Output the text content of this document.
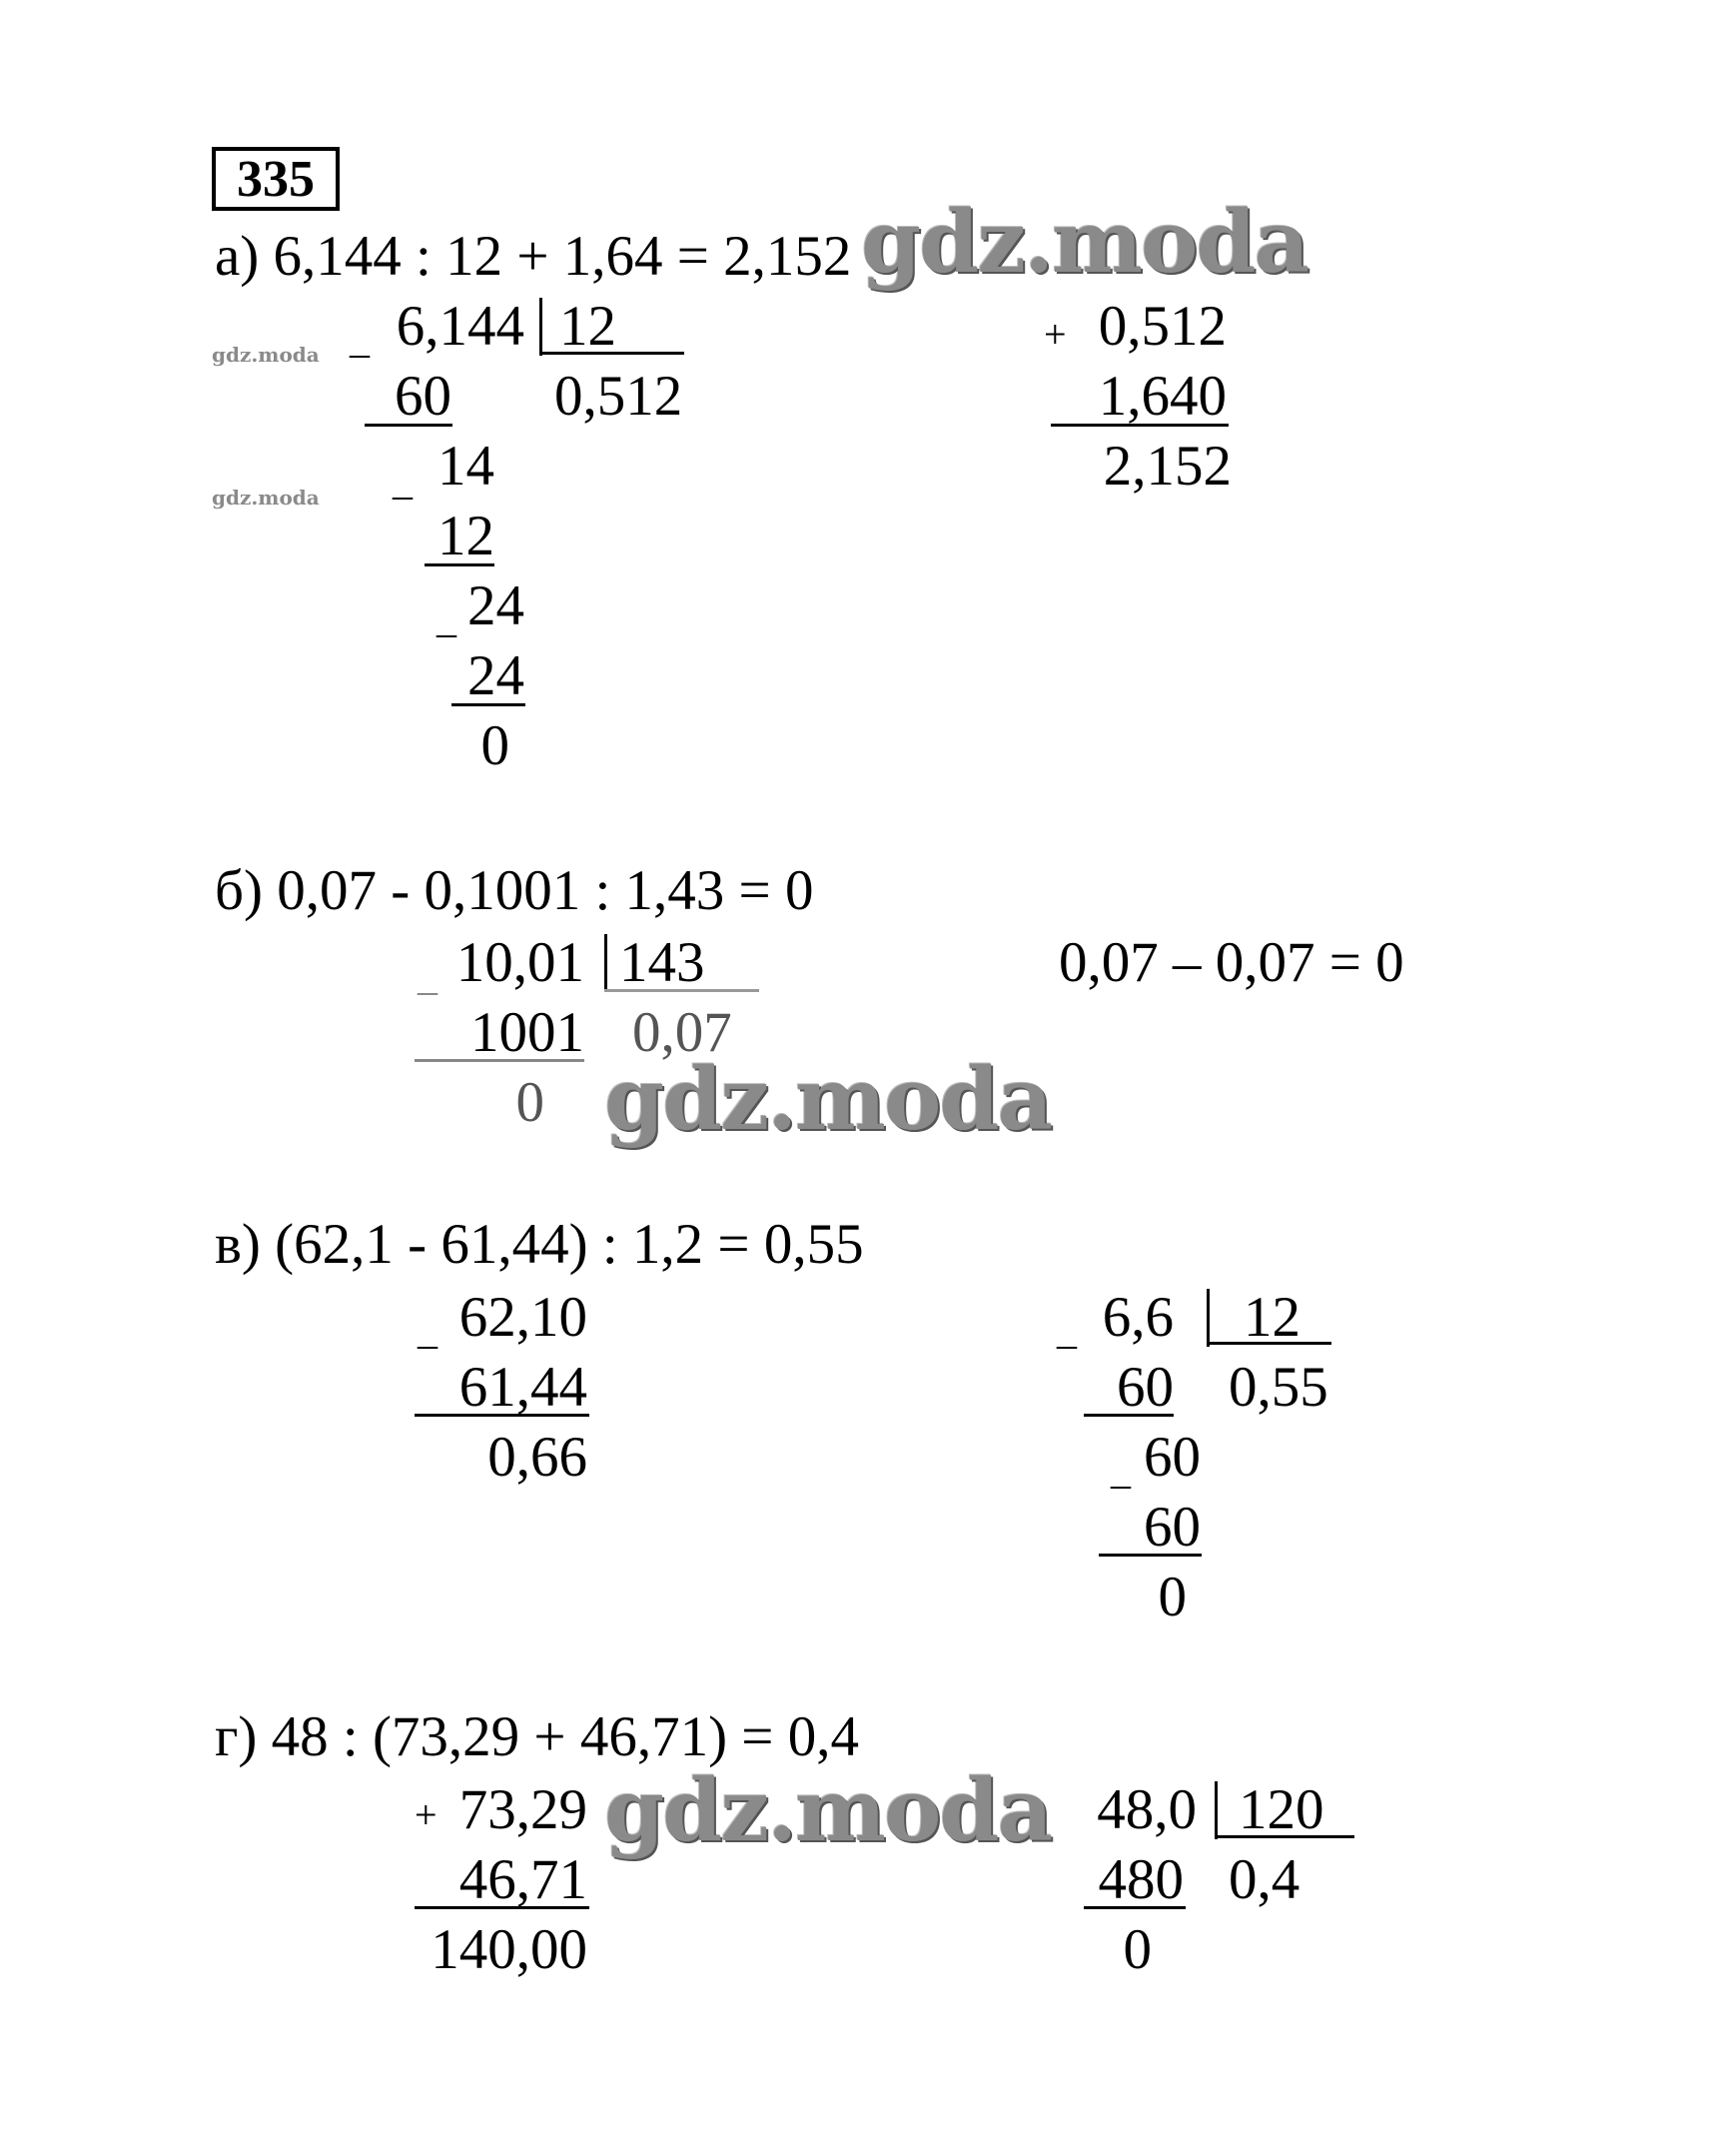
335
а) 6,144 : 12 + 1,64 = 2,152
_ 6,144 12
0,512
60
_ 14
12
_ 24
24
0
+ 0,512
1,640
2,152
б) 0,07 - 0,1001 : 1,43 = 0
_ 10,01 143
0,07
1001
0
0,07 – 0,07 = 0
в) (62,1 - 61,44) : 1,2 = 0,55
_ 62,10
61,44
0,66
_ 6,6 12
0,55
60
_ 60
60
0
г) 48 : (73,29 + 46,71) = 0,4
+ 73,29
46,71
140,00
48,0 120
0,4
480
0
gdz.moda
gdz.moda
gdz.moda
gdz.moda
gdz.moda
